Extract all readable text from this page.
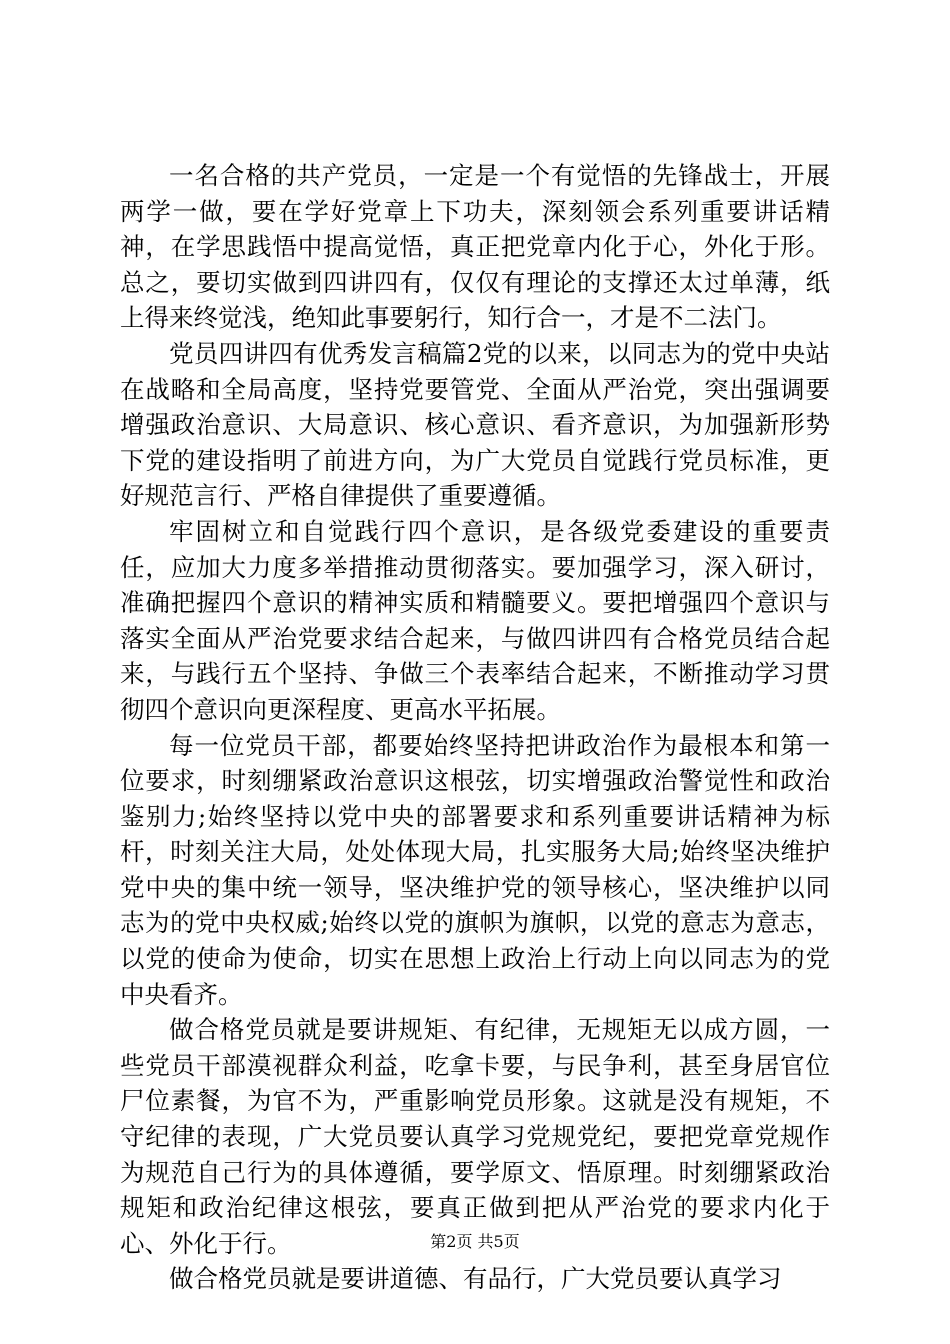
一名合格的共产党员，一定是一个有觉悟的先锋战士，开展两学一做，要在学好党章上下功夫，深刻领会系列重要讲话精神，在学思践悟中提高觉悟，真正把党章内化于心，外化于形。总之，要切实做到四讲四有，仅仅有理论的支撑还太过单薄，纸上得来终觉浅，绝知此事要躬行，知行合一，才是不二法门。

党员四讲四有优秀发言稿篇2党的以来，以同志为的党中央站在战略和全局高度，坚持党要管党、全面从严治党，突出强调要增强政治意识、大局意识、核心意识、看齐意识，为加强新形势下党的建设指明了前进方向，为广大党员自觉践行党员标准，更好规范言行、严格自律提供了重要遵循。

牢固树立和自觉践行四个意识，是各级党委建设的重要责任，应加大力度多举措推动贯彻落实。要加强学习，深入研讨，准确把握四个意识的精神实质和精髓要义。要把增强四个意识与落实全面从严治党要求结合起来，与做四讲四有合格党员结合起来，与践行五个坚持、争做三个表率结合起来，不断推动学习贯彻四个意识向更深程度、更高水平拓展。

每一位党员干部，都要始终坚持把讲政治作为最根本和第一位要求，时刻绷紧政治意识这根弦，切实增强政治警觉性和政治鉴别力;始终坚持以党中央的部署要求和系列重要讲话精神为标杆，时刻关注大局，处处体现大局，扎实服务大局;始终坚决维护党中央的集中统一领导，坚决维护党的领导核心，坚决维护以同志为的党中央权威;始终以党的旗帜为旗帜，以党的意志为意志，以党的使命为使命，切实在思想上政治上行动上向以同志为的党中央看齐。

做合格党员就是要讲规矩、有纪律，无规矩无以成方圆，一些党员干部漠视群众利益，吃拿卡要，与民争利，甚至身居官位尸位素餐，为官不为，严重影响党员形象。这就是没有规矩，不守纪律的表现，广大党员要认真学习党规党纪，要把党章党规作为规范自己行为的具体遵循，要学原文、悟原理。时刻绷紧政治规矩和政治纪律这根弦，要真正做到把从严治党的要求内化于心、外化于行。

做合格党员就是要讲道德、有品行，广大党员要认真学习

第2页 共5页
